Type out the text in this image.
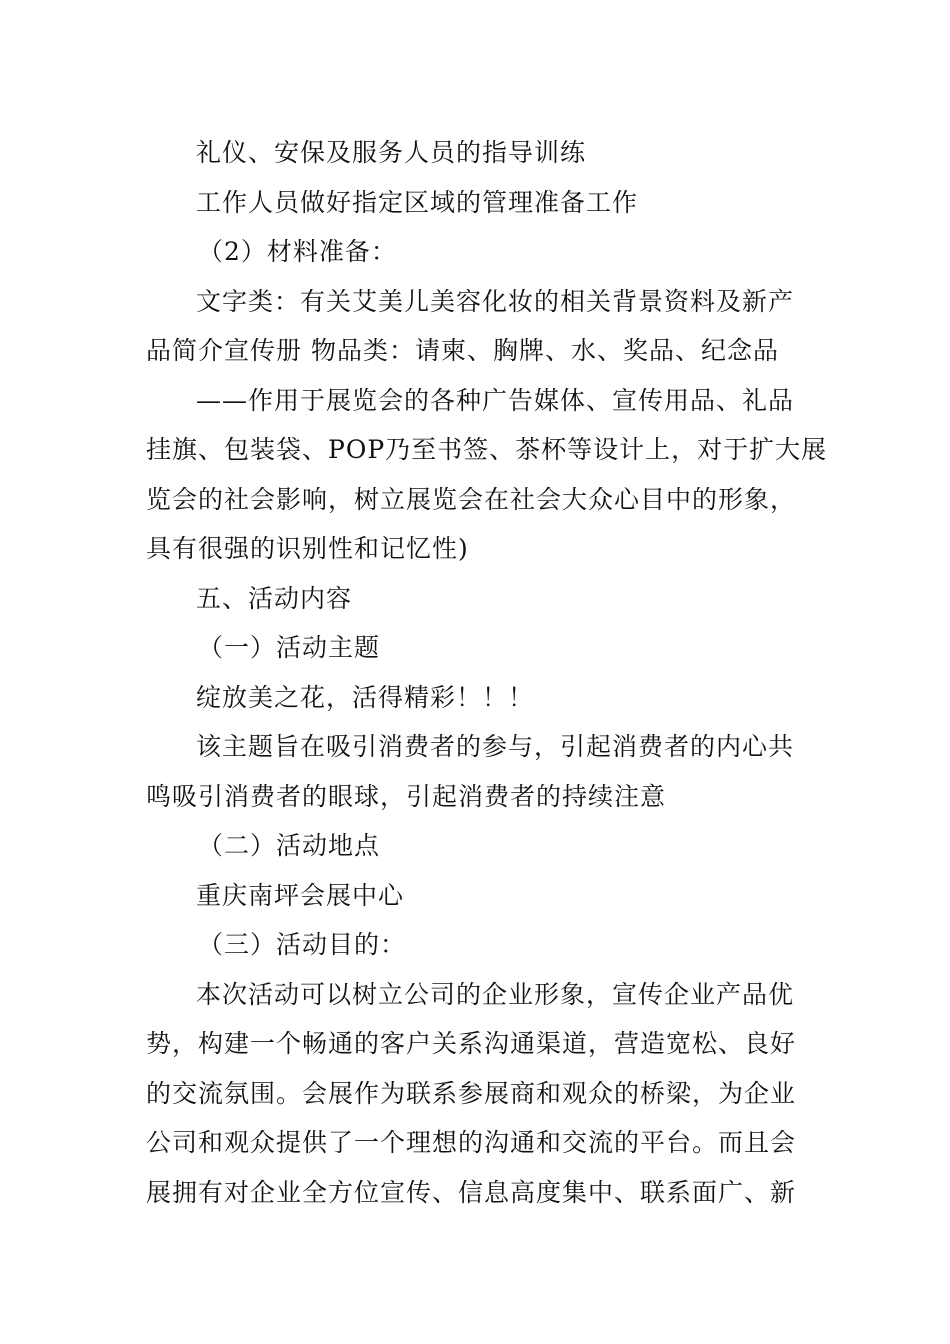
礼仪、安保及服务人员的指导训练

工作人员做好指定区域的管理准备工作

（2）材料准备：

文字类：有关艾美儿美容化妆的相关背景资料及新产
品简介宣传册 物品类：请柬、胸牌、水、奖品、纪念品

——作用于展览会的各种广告媒体、宣传用品、礼品
挂旗、包装袋、POP乃至书签、茶杯等设计上，对于扩大展
览会的社会影响，树立展览会在社会大众心目中的形象，
具有很强的识别性和记忆性)

五、活动内容

（一）活动主题

绽放美之花，活得精彩！！！

该主题旨在吸引消费者的参与，引起消费者的内心共
鸣吸引消费者的眼球，引起消费者的持续注意

（二）活动地点

重庆南坪会展中心

（三）活动目的：

本次活动可以树立公司的企业形象，宣传企业产品优
势，构建一个畅通的客户关系沟通渠道，营造宽松、良好
的交流氛围。会展作为联系参展商和观众的桥梁，为企业
公司和观众提供了一个理想的沟通和交流的平台。而且会
展拥有对企业全方位宣传、信息高度集中、联系面广、新
